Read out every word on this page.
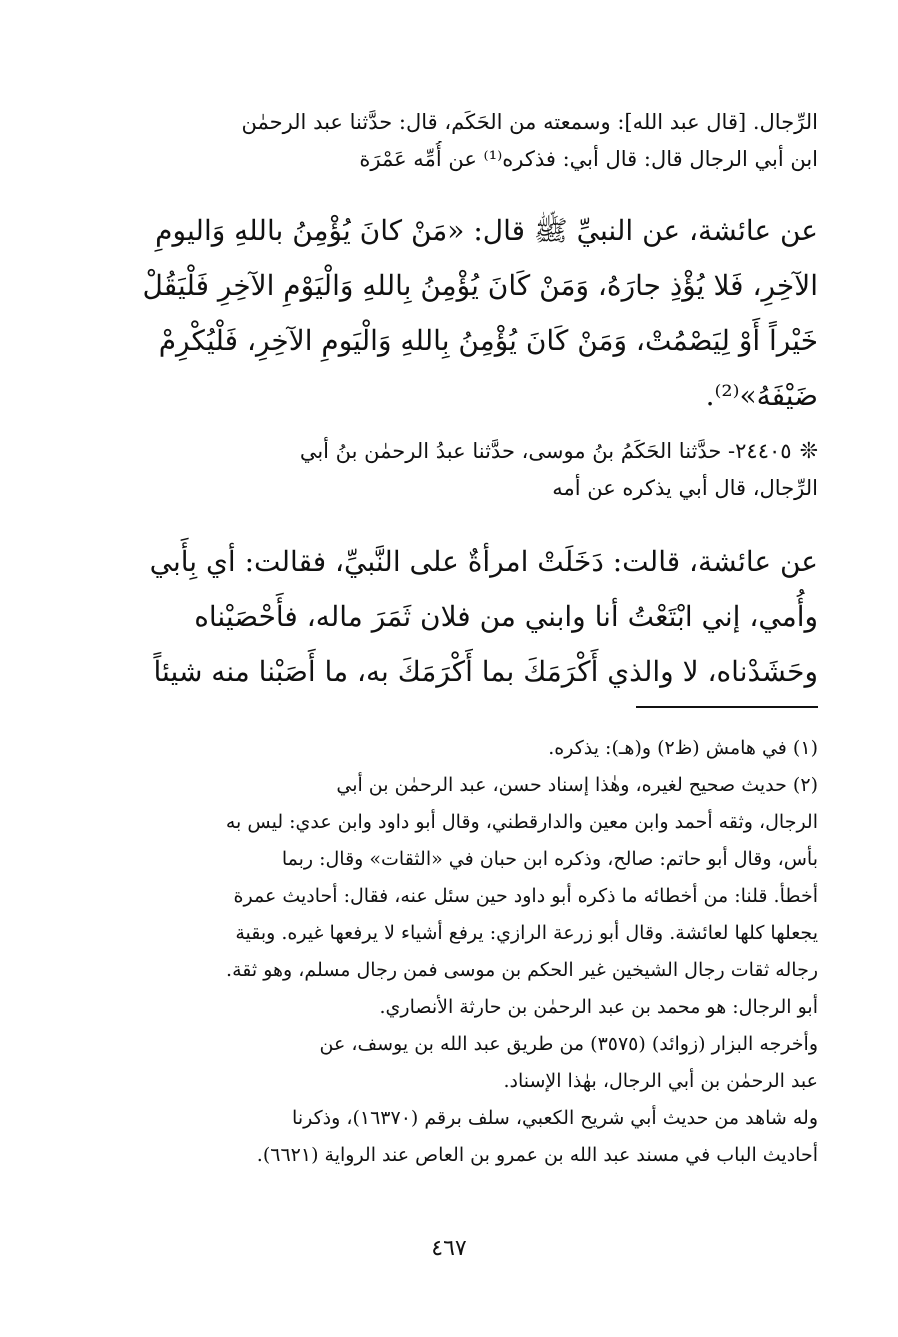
الرِّجال. [قال عبد الله]: وسمعته من الحَكَم، قال: حدَّثنا عبد الرحمٰن
ابن أبي الرجال قال: قال أبي: فذكره⁽¹⁾ عن أُمِّه عَمْرَة
عن عائشة، عن النبيِّ ﷺ قال: «مَنْ كانَ يُؤْمِنُ باللهِ وَاليومِ
الآخِرِ، فَلا يُؤْذِ جارَهُ، وَمَنْ كَانَ يُؤْمِنُ بِاللهِ وَالْيَوْمِ الآخِرِ فَلْيَقُلْ
خَيْراً أَوْ لِيَصْمُتْ، وَمَنْ كَانَ يُؤْمِنُ بِاللهِ وَالْيَومِ الآخِرِ، فَلْيُكْرِمْ
ضَيْفَهُ»⁽²⁾.
❊٢٤٤٠٥- حدَّثنا الحَكَمُ بنُ موسى، حدَّثنا عبدُ الرحمٰن بنُ أبي
الرِّجال، قال أبي يذكره عن أمه
عن عائشة، قالت: دَخَلَتْ امرأةٌ على النَّبيِّ، فقالت: أي بِأَبي
وأُمي، إني ابْتَعْتُ أنا وابني من فلان ثَمَرَ ماله، فأَحْصَيْناه
وحَشَدْناه، لا والذي أَكْرَمَكَ بما أَكْرَمَكَ به، ما أَصَبْنا منه شيئاً
(١) في هامش (ظ٢) و(هـ): يذكره.
(٢) حديث صحيح لغيره، وهٰذا إسناد حسن، عبد الرحمٰن بن أبي
الرجال، وثقه أحمد وابن معين والدارقطني، وقال أبو داود وابن عدي: ليس به
بأس، وقال أبو حاتم: صالح، وذكره ابن حبان في «الثقات» وقال: ربما
أخطأ. قلنا: من أخطائه ما ذكره أبو داود حين سئل عنه، فقال: أحاديث عمرة
يجعلها كلها لعائشة. وقال أبو زرعة الرازي: يرفع أشياء لا يرفعها غيره. وبقية
رجاله ثقات رجال الشيخين غير الحكم بن موسى فمن رجال مسلم، وهو ثقة.
أبو الرجال: هو محمد بن عبد الرحمٰن بن حارثة الأنصاري.
وأخرجه البزار (زوائد) (٣٥٧٥) من طريق عبد الله بن يوسف، عن
عبد الرحمٰن بن أبي الرجال، بهٰذا الإسناد.
وله شاهد من حديث أبي شريح الكعبي، سلف برقم (١٦٣٧٠)، وذكرنا
أحاديث الباب في مسند عبد الله بن عمرو بن العاص عند الرواية (٦٦٢١).
٤٦٧
